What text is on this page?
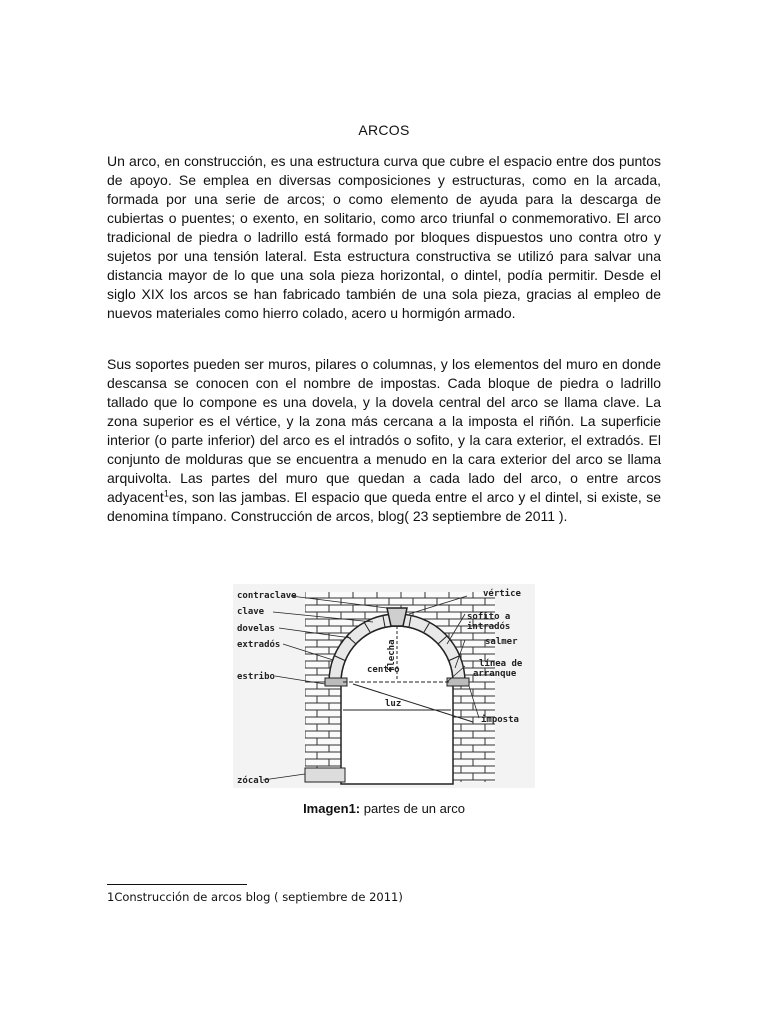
ARCOS

Un arco, en construcción, es una estructura curva que cubre el espacio entre dos puntos de apoyo. Se emplea en diversas composiciones y estructuras, como en la arcada, formada por una serie de arcos; o como elemento de ayuda para la descarga de cubiertas o puentes; o exento, en solitario, como arco triunfal o conmemorativo. El arco tradicional de piedra o ladrillo está formado por bloques dispuestos uno contra otro y sujetos por una tensión lateral. Esta estructura constructiva se utilizó para salvar una distancia mayor de lo que una sola pieza horizontal, o dintel, podía permitir. Desde el siglo XIX los arcos se han fabricado también de una sola pieza, gracias al empleo de nuevos materiales como hierro colado, acero u hormigón armado.

Sus soportes pueden ser muros, pilares o columnas, y los elementos del muro en donde descansa se conocen con el nombre de impostas. Cada bloque de piedra o ladrillo tallado que lo compone es una dovela, y la dovela central del arco se llama clave. La zona superior es el vértice, y la zona más cercana a la imposta el riñón. La superficie interior (o parte inferior) del arco es el intradós o sofito, y la cara exterior, el extradós. El conjunto de molduras que se encuentra a menudo en la cara exterior del arco se llama arquivolta. Las partes del muro que quedan a cada lado del arco, o entre arcos adyacent$^1$es, son las jambas. El espacio que queda entre el arco y el dintel, si existe, se denomina tímpano. Construcción de arcos, blog( 23 septiembre de 2011 ).

contraclave
clave
dovelas
extradós
estribo
zócalo
vértice
sofito a
intradós
salmer
línea de
arranque
imposta
flecha
centro
luz
Imagen1: partes de un arco
1Construcción de arcos blog ( septiembre de 2011)
